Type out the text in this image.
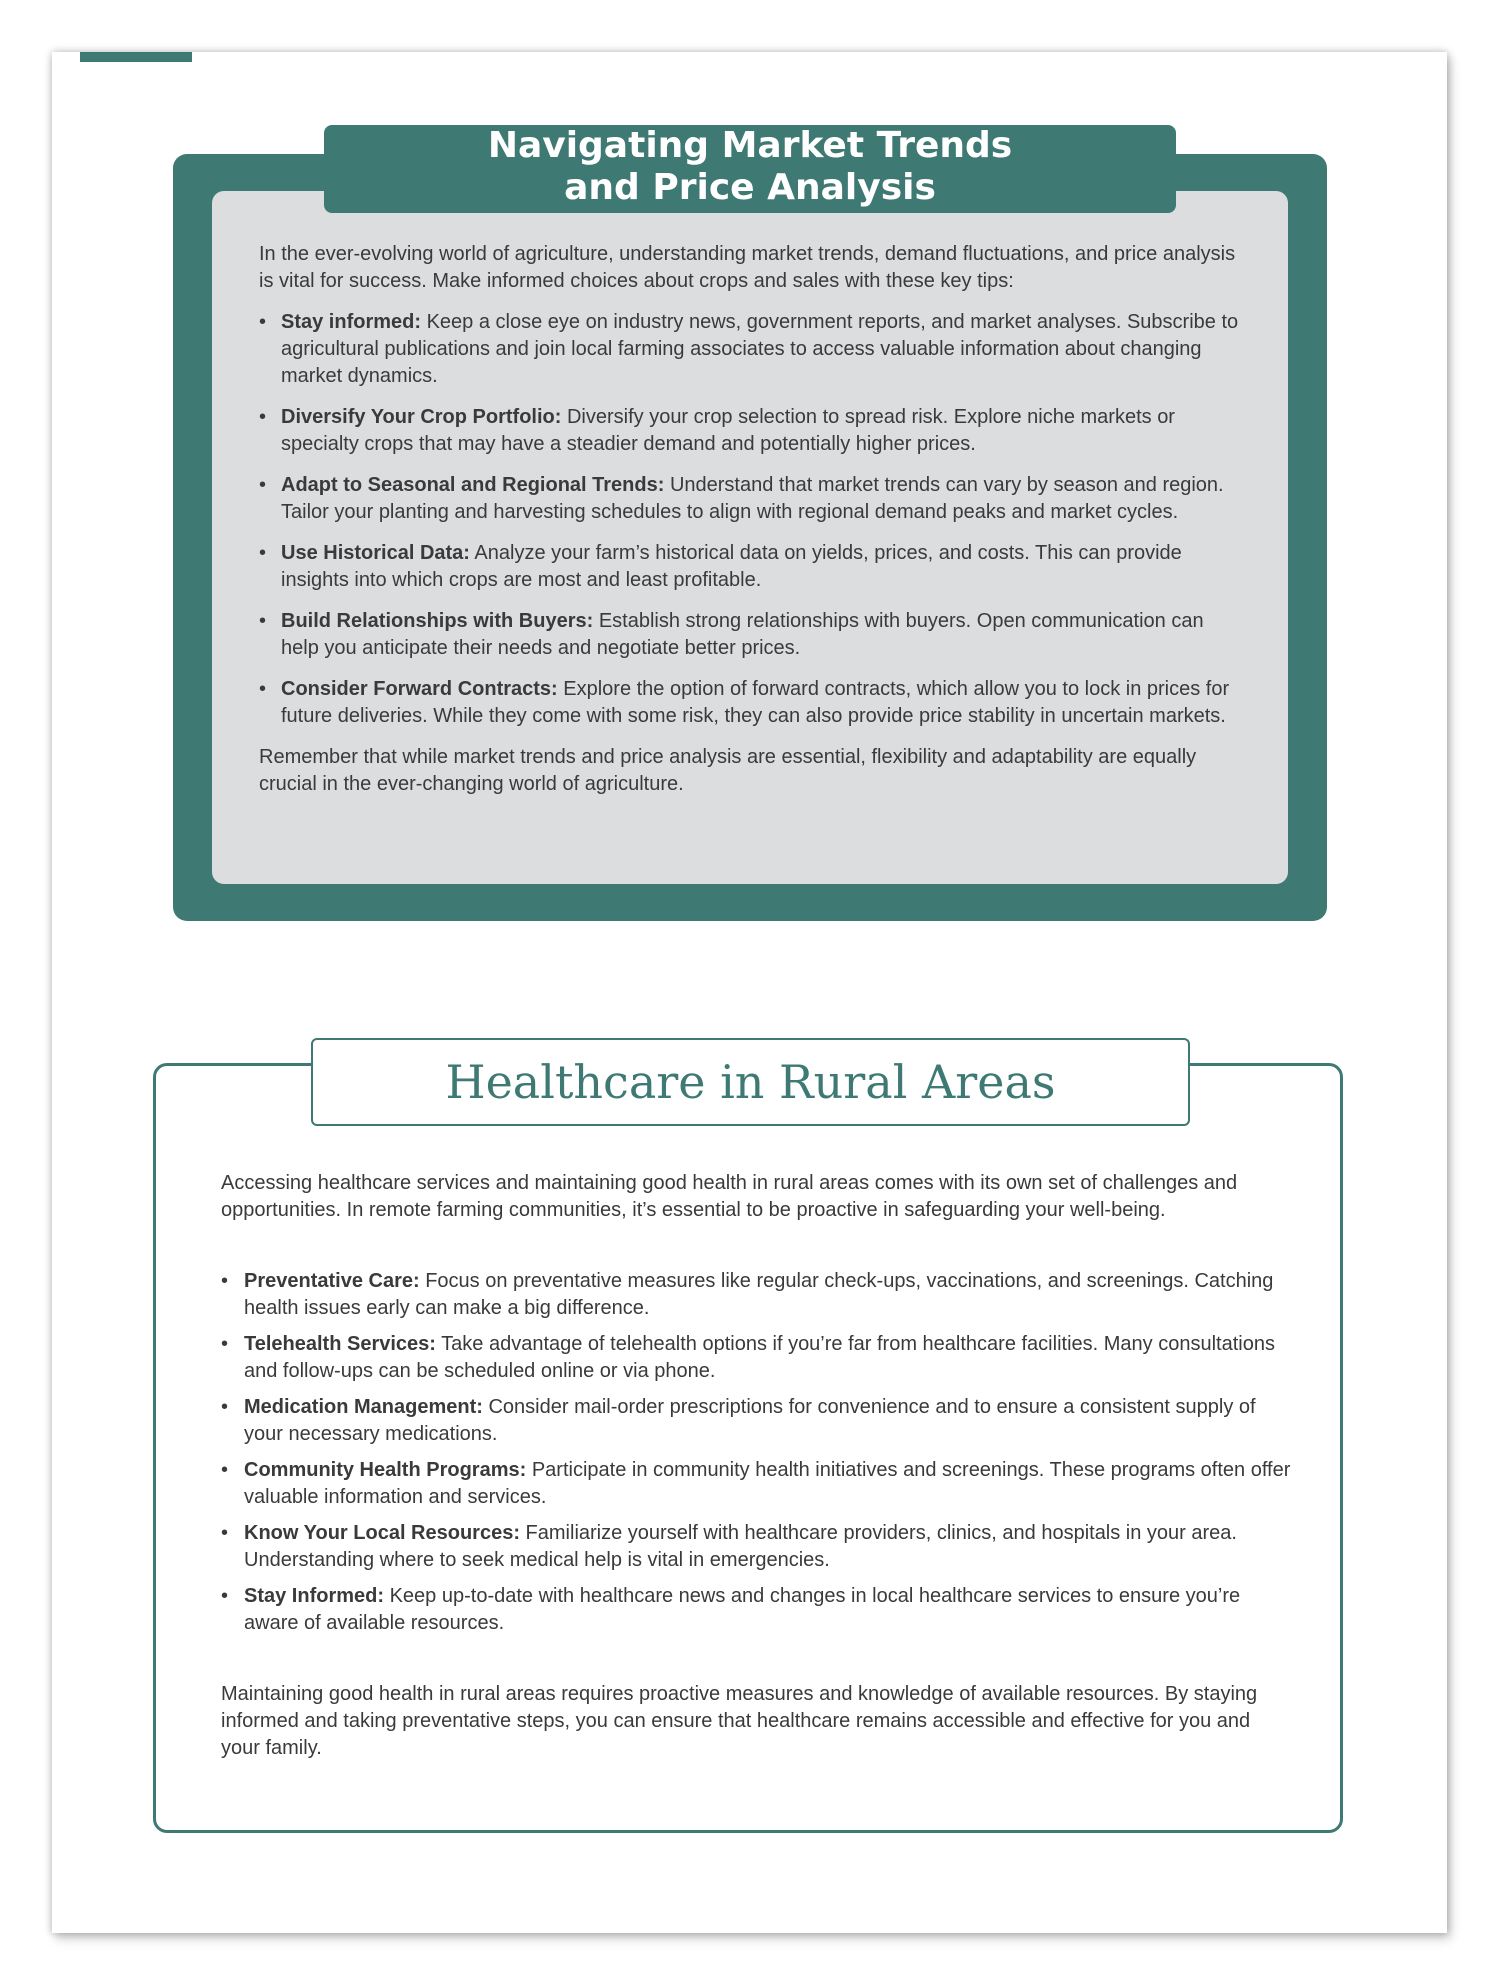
Navigating Market Trends
and Price Analysis

In the ever-evolving world of agriculture, understanding market trends, demand fluctuations, and price analysis is vital for success. Make informed choices about crops and sales with these key tips:

• Stay informed: Keep a close eye on industry news, government reports, and market analyses. Subscribe to agricultural publications and join local farming associates to access valuable information about changing market dynamics.
• Diversify Your Crop Portfolio: Diversify your crop selection to spread risk. Explore niche markets or specialty crops that may have a steadier demand and potentially higher prices.
• Adapt to Seasonal and Regional Trends: Understand that market trends can vary by season and region. Tailor your planting and harvesting schedules to align with regional demand peaks and market cycles.
• Use Historical Data: Analyze your farm’s historical data on yields, prices, and costs. This can provide insights into which crops are most and least profitable.
• Build Relationships with Buyers: Establish strong relationships with buyers. Open communication can help you anticipate their needs and negotiate better prices.
• Consider Forward Contracts: Explore the option of forward contracts, which allow you to lock in prices for future deliveries. While they come with some risk, they can also provide price stability in uncertain markets.

Remember that while market trends and price analysis are essential, flexibility and adaptability are equally crucial in the ever-changing world of agriculture.

Healthcare in Rural Areas

Accessing healthcare services and maintaining good health in rural areas comes with its own set of challenges and opportunities. In remote farming communities, it’s essential to be proactive in safeguarding your well-being.

• Preventative Care: Focus on preventative measures like regular check-ups, vaccinations, and screenings. Catching health issues early can make a big difference.
• Telehealth Services: Take advantage of telehealth options if you’re far from healthcare facilities. Many consultations and follow-ups can be scheduled online or via phone.
• Medication Management: Consider mail-order prescriptions for convenience and to ensure a consistent supply of your necessary medications.
• Community Health Programs: Participate in community health initiatives and screenings. These programs often offer valuable information and services.
• Know Your Local Resources: Familiarize yourself with healthcare providers, clinics, and hospitals in your area. Understanding where to seek medical help is vital in emergencies.
• Stay Informed: Keep up-to-date with healthcare news and changes in local healthcare services to ensure you’re aware of available resources.

Maintaining good health in rural areas requires proactive measures and knowledge of available resources. By staying informed and taking preventative steps, you can ensure that healthcare remains accessible and effective for you and your family.
